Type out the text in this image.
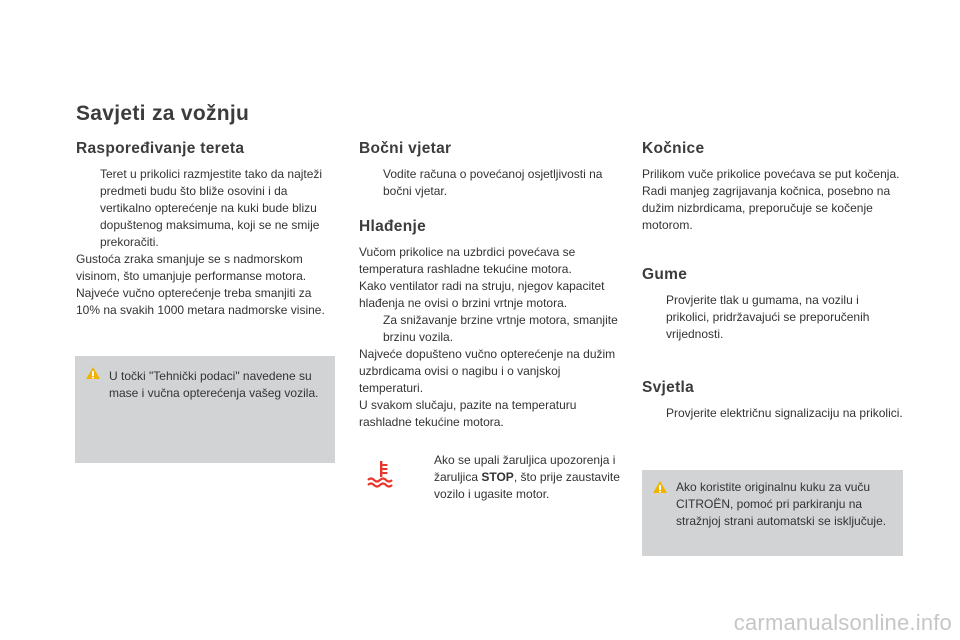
Savjeti za vožnju
Raspoređivanje tereta
Teret u prikolici razmjestite tako da najteži predmeti budu što bliže osovini i da vertikalno opterećenje na kuki bude blizu dopuštenog maksimuma, koji se ne smije prekoračiti.

Gustoća zraka smanjuje se s nadmorskom visinom, što umanjuje performanse motora.

Najveće vučno opterećenje treba smanjiti za 10% na svakih 1000 metara nadmorske visine.

U točki "Tehnički podaci" navedene su mase i vučna opterećenja vašeg vozila.
Bočni vjetar
Vodite računa o povećanoj osjetljivosti na bočni vjetar.
Hlađenje

Vučom prikolice na uzbrdici povećava se temperatura rashladne tekućine motora.

Kako ventilator radi na struju, njegov kapacitet hlađenja ne ovisi o brzini vrtnje motora.

Za snižavanje brzine vrtnje motora, smanjite brzinu vozila.

Najveće dopušteno vučno opterećenje na dužim uzbrdicama ovisi o nagibu i o vanjskoj temperaturi.

U svakom slučaju, pazite na temperaturu rashladne tekućine motora.

Ako se upali žaruljica upozorenja i žaruljica STOP, što prije zaustavite vozilo i ugasite motor.
Kočnice

Prilikom vuče prikolice povećava se put kočenja.

Radi manjeg zagrijavanja kočnica, posebno na dužim nizbrdicama, preporučuje se kočenje motorom.

Gume
Provjerite tlak u gumama, na vozilu i prikolici, pridržavajući se preporučenih vrijednosti.
Svjetla
Provjerite električnu signalizaciju na prikolici.
Ako koristite originalnu kuku za vuču CITROËN, pomoć pri parkiranju na stražnjoj strani automatski se isključuje.
carmanualsonline.info
